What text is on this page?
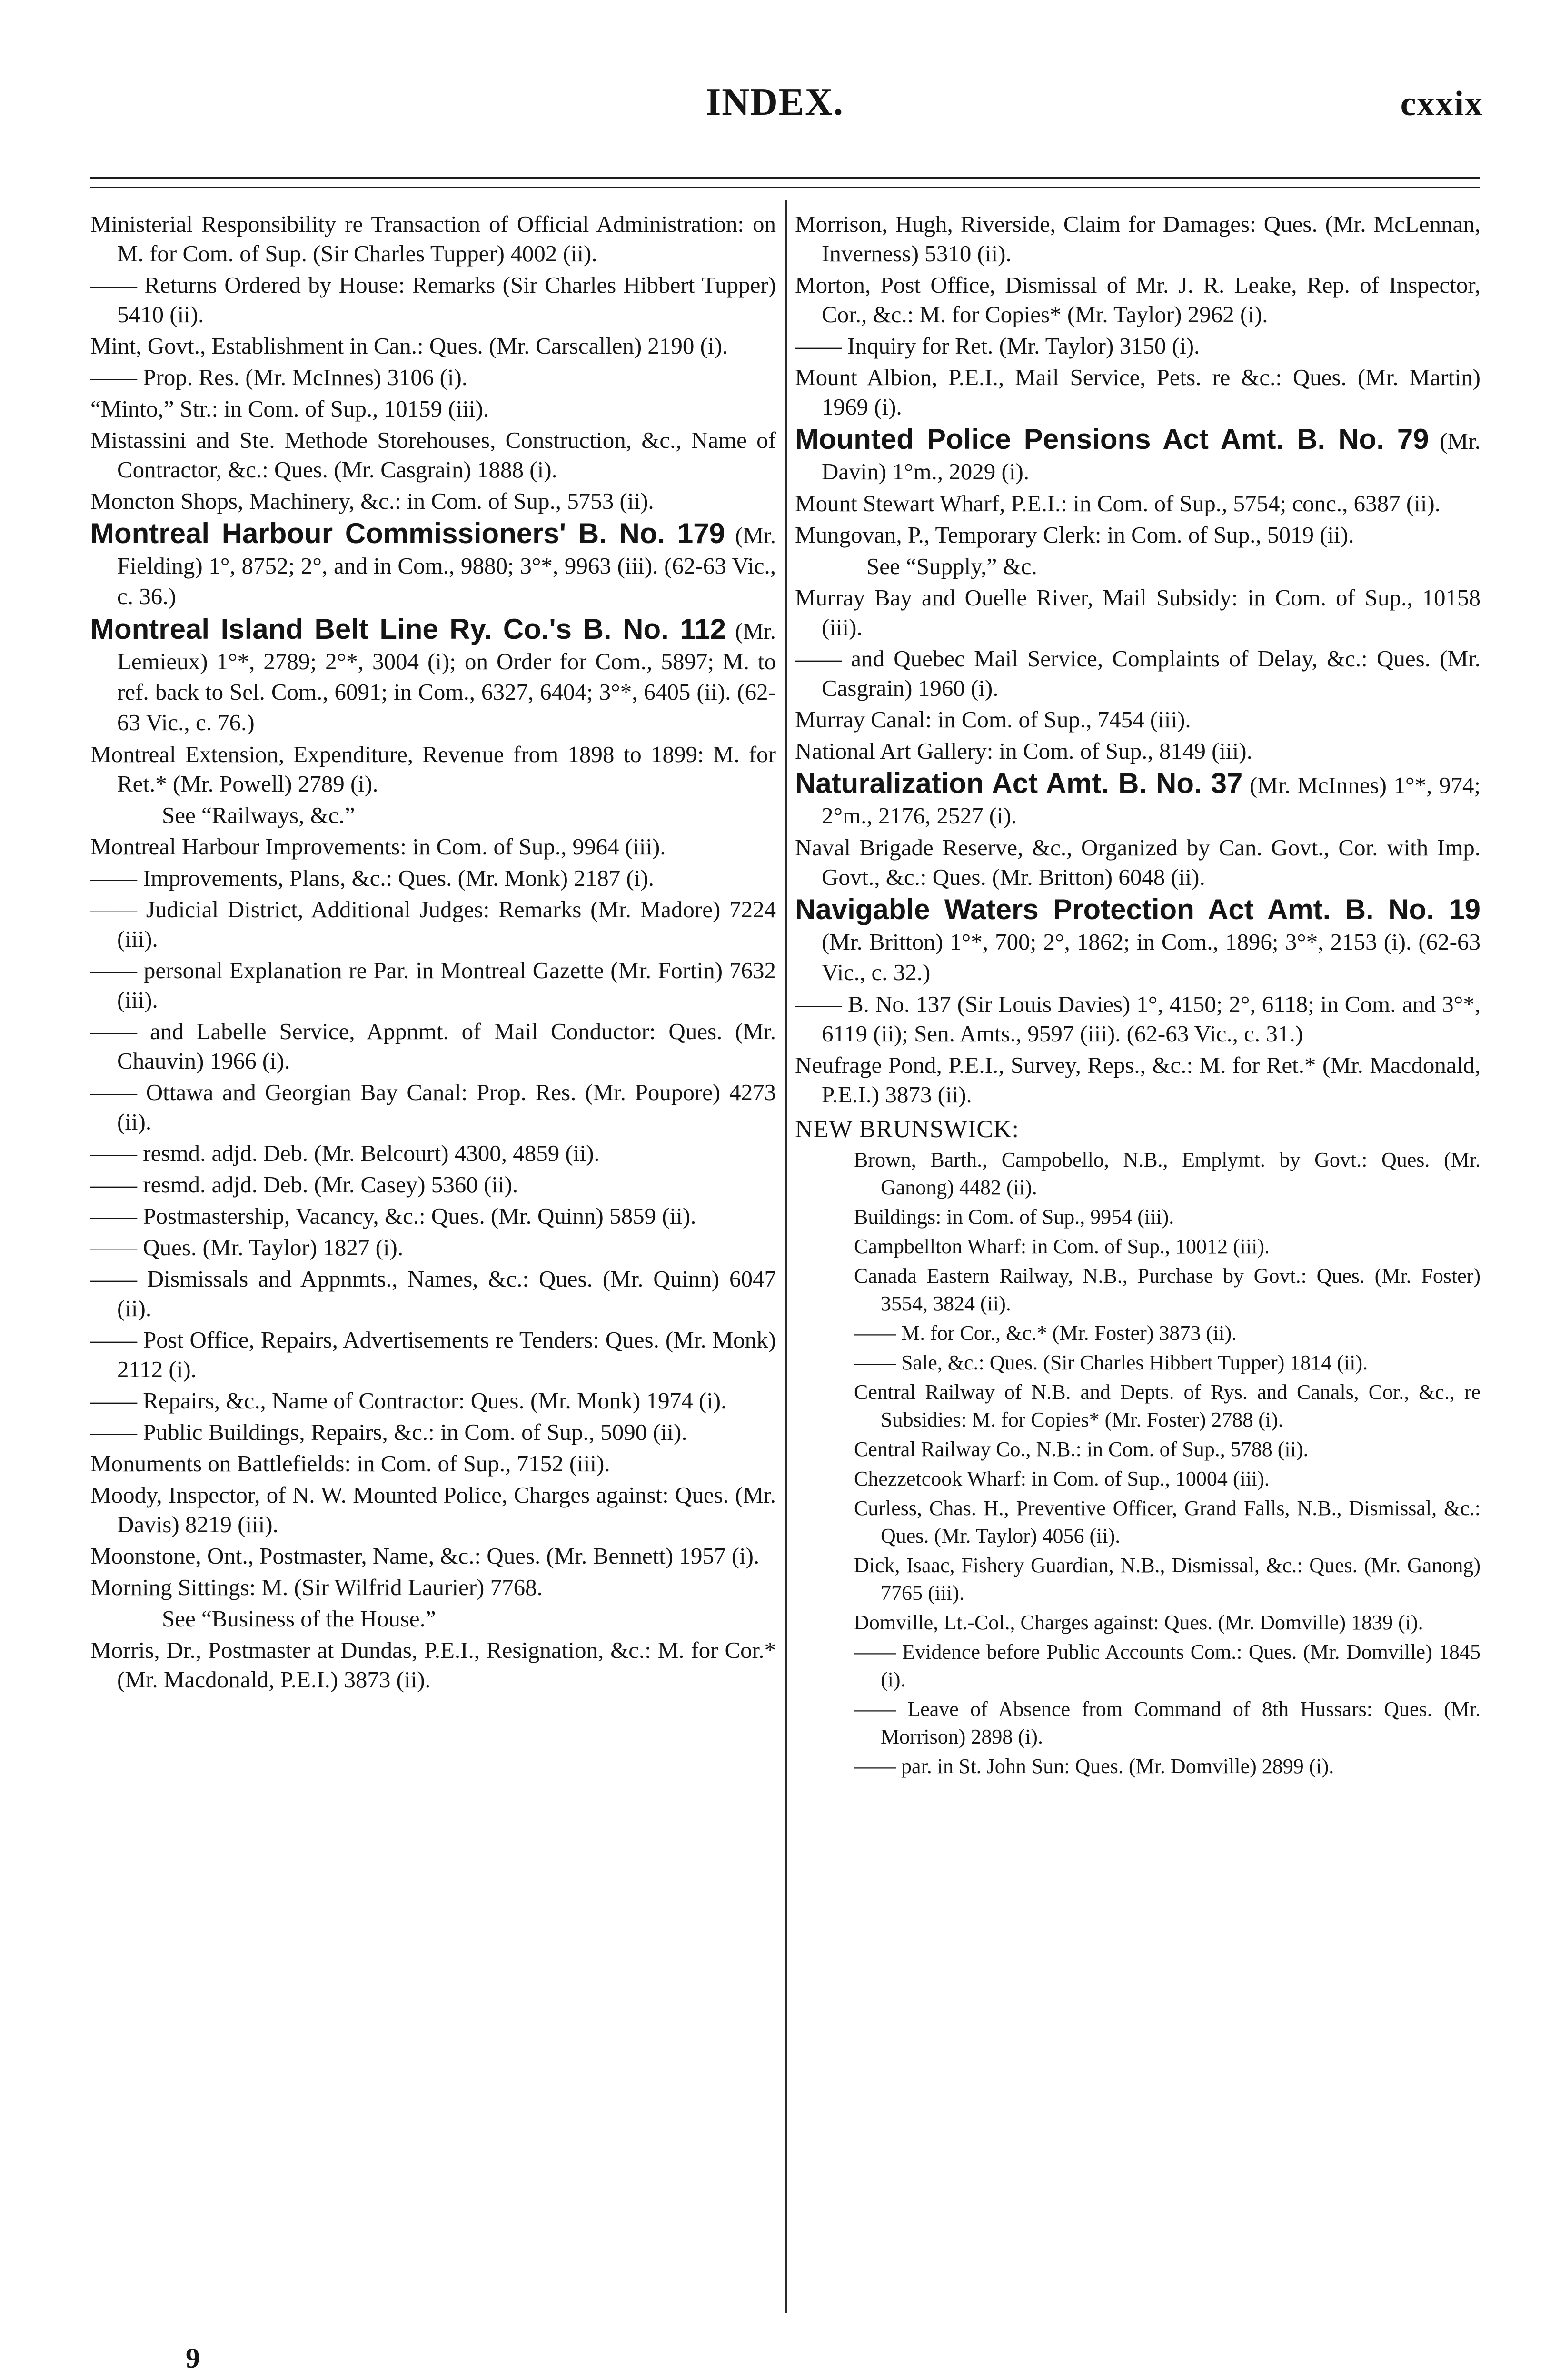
INDEX.	cxxix

Ministerial Responsibility re Transaction of Official Administration: on M. for Com. of Sup. (Sir Charles Tupper) 4002 (ii).

—— Returns Ordered by House: Remarks (Sir Charles Hibbert Tupper) 5410 (ii).

Mint, Govt., Establishment in Can.: Ques. (Mr. Carscallen) 2190 (i).

—— Prop. Res. (Mr. McInnes) 3106 (i).

“Minto,” Str.: in Com. of Sup., 10159 (iii).

Mistassini and Ste. Methode Storehouses, Construction, &c., Name of Contractor, &c.: Ques. (Mr. Casgrain) 1888 (i).

Moncton Shops, Machinery, &c.: in Com. of Sup., 5753 (ii).

Montreal Harbour Commissioners' B. No. 179 (Mr. Fielding) 1°, 8752; 2°, and in Com., 9880; 3°*, 9963 (iii). (62-63 Vic., c. 36.)

Montreal Island Belt Line Ry. Co.'s B. No. 112 (Mr. Lemieux) 1°*, 2789; 2°*, 3004 (i); on Order for Com., 5897; M. to ref. back to Sel. Com., 6091; in Com., 6327, 6404; 3°*, 6405 (ii). (62-63 Vic., c. 76.)

Montreal Extension, Expenditure, Revenue from 1898 to 1899: M. for Ret.* (Mr. Powell) 2789 (i).

See “Railways, &c.”

Montreal Harbour Improvements: in Com. of Sup., 9964 (iii).

—— Improvements, Plans, &c.: Ques. (Mr. Monk) 2187 (i).

—— Judicial District, Additional Judges: Remarks (Mr. Madore) 7224 (iii).

—— personal Explanation re Par. in Montreal Gazette (Mr. Fortin) 7632 (iii).

—— and Labelle Service, Appnmt. of Mail Conductor: Ques. (Mr. Chauvin) 1966 (i).

—— Ottawa and Georgian Bay Canal: Prop. Res. (Mr. Poupore) 4273 (ii).

—— resmd. adjd. Deb. (Mr. Belcourt) 4300, 4859 (ii).

—— resmd. adjd. Deb. (Mr. Casey) 5360 (ii).

—— Postmastership, Vacancy, &c.: Ques. (Mr. Quinn) 5859 (ii).

—— Ques. (Mr. Taylor) 1827 (i).

—— Dismissals and Appnmts., Names, &c.: Ques. (Mr. Quinn) 6047 (ii).

—— Post Office, Repairs, Advertisements re Tenders: Ques. (Mr. Monk) 2112 (i).

—— Repairs, &c., Name of Contractor: Ques. (Mr. Monk) 1974 (i).

—— Public Buildings, Repairs, &c.: in Com. of Sup., 5090 (ii).

Monuments on Battlefields: in Com. of Sup., 7152 (iii).

Moody, Inspector, of N. W. Mounted Police, Charges against: Ques. (Mr. Davis) 8219 (iii).

Moonstone, Ont., Postmaster, Name, &c.: Ques. (Mr. Bennett) 1957 (i).

Morning Sittings: M. (Sir Wilfrid Laurier) 7768.

See “Business of the House.”

Morris, Dr., Postmaster at Dundas, P.E.I., Resignation, &c.: M. for Cor.* (Mr. Macdonald, P.E.I.) 3873 (ii).

Morrison, Hugh, Riverside, Claim for Damages: Ques. (Mr. McLennan, Inverness) 5310 (ii).

Morton, Post Office, Dismissal of Mr. J. R. Leake, Rep. of Inspector, Cor., &c.: M. for Copies* (Mr. Taylor) 2962 (i).

—— Inquiry for Ret. (Mr. Taylor) 3150 (i).

Mount Albion, P.E.I., Mail Service, Pets. re &c.: Ques. (Mr. Martin) 1969 (i).

Mounted Police Pensions Act Amt. B. No. 79 (Mr. Davin) 1°m., 2029 (i).

Mount Stewart Wharf, P.E.I.: in Com. of Sup., 5754; conc., 6387 (ii).

Mungovan, P., Temporary Clerk: in Com. of Sup., 5019 (ii).

See “Supply,” &c.

Murray Bay and Ouelle River, Mail Subsidy: in Com. of Sup., 10158 (iii).

—— and Quebec Mail Service, Complaints of Delay, &c.: Ques. (Mr. Casgrain) 1960 (i).

Murray Canal: in Com. of Sup., 7454 (iii).

National Art Gallery: in Com. of Sup., 8149 (iii).

Naturalization Act Amt. B. No. 37 (Mr. McInnes) 1°*, 974; 2°m., 2176, 2527 (i).

Naval Brigade Reserve, &c., Organized by Can. Govt., Cor. with Imp. Govt., &c.: Ques. (Mr. Britton) 6048 (ii).

Navigable Waters Protection Act Amt. B. No. 19 (Mr. Britton) 1°*, 700; 2°, 1862; in Com., 1896; 3°*, 2153 (i). (62-63 Vic., c. 32.)

—— B. No. 137 (Sir Louis Davies) 1°, 4150; 2°, 6118; in Com. and 3°*, 6119 (ii); Sen. Amts., 9597 (iii). (62-63 Vic., c. 31.)

Neufrage Pond, P.E.I., Survey, Reps., &c.: M. for Ret.* (Mr. Macdonald, P.E.I.) 3873 (ii).

NEW BRUNSWICK:

Brown, Barth., Campobello, N.B., Emplymt. by Govt.: Ques. (Mr. Ganong) 4482 (ii).

Buildings: in Com. of Sup., 9954 (iii).

Campbellton Wharf: in Com. of Sup., 10012 (iii).

Canada Eastern Railway, N.B., Purchase by Govt.: Ques. (Mr. Foster) 3554, 3824 (ii).

—— M. for Cor., &c.* (Mr. Foster) 3873 (ii).

—— Sale, &c.: Ques. (Sir Charles Hibbert Tupper) 1814 (ii).

Central Railway of N.B. and Depts. of Rys. and Canals, Cor., &c., re Subsidies: M. for Copies* (Mr. Foster) 2788 (i).

Central Railway Co., N.B.: in Com. of Sup., 5788 (ii).

Chezzetcook Wharf: in Com. of Sup., 10004 (iii).

Curless, Chas. H., Preventive Officer, Grand Falls, N.B., Dismissal, &c.: Ques. (Mr. Taylor) 4056 (ii).

Dick, Isaac, Fishery Guardian, N.B., Dismissal, &c.: Ques. (Mr. Ganong) 7765 (iii).

Domville, Lt.-Col., Charges against: Ques. (Mr. Domville) 1839 (i).

—— Evidence before Public Accounts Com.: Ques. (Mr. Domville) 1845 (i).

—— Leave of Absence from Command of 8th Hussars: Ques. (Mr. Morrison) 2898 (i).

—— par. in St. John Sun: Ques. (Mr. Domville) 2899 (i).

9
